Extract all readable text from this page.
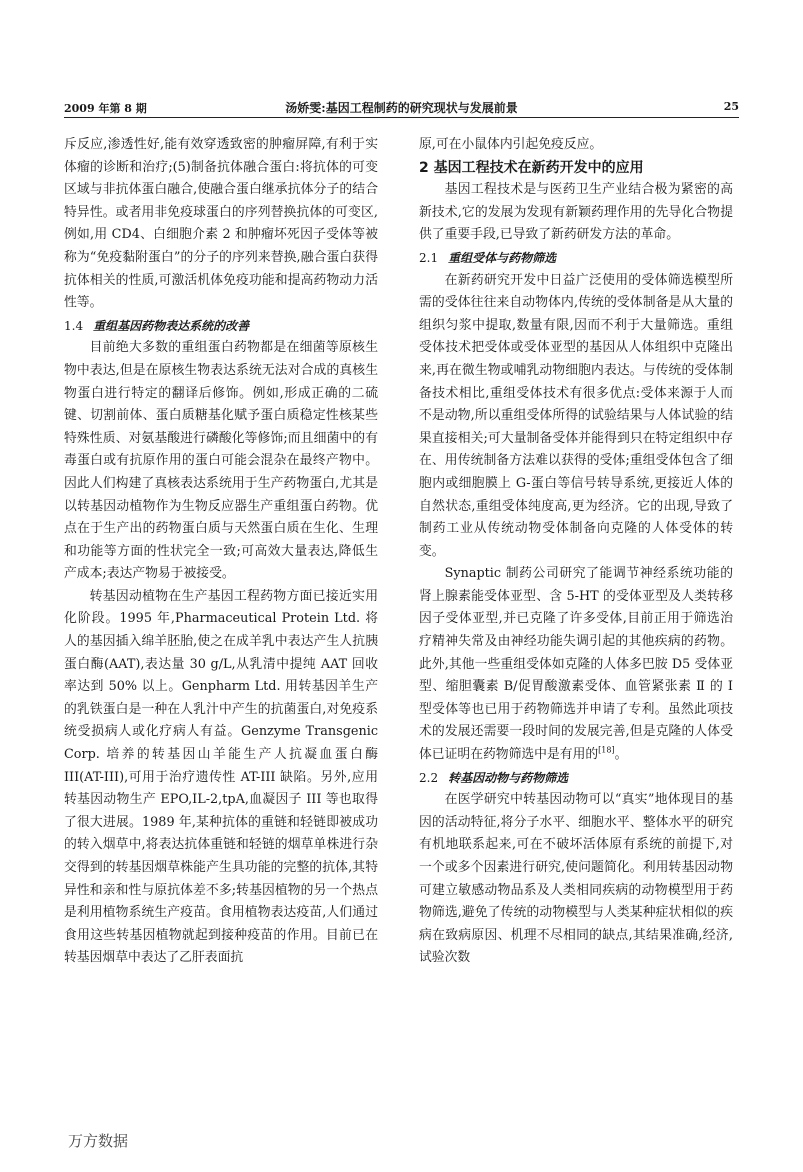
2009 年第 8 期	汤娇雯:基因工程制药的研究现状与发展前景	25

斥反应,渗透性好,能有效穿透致密的肿瘤屏障,有利于实体瘤的诊断和治疗;(5)制备抗体融合蛋白:将抗体的可变区域与非抗体蛋白融合,使融合蛋白继承抗体分子的结合特异性。或者用非免疫球蛋白的序列替换抗体的可变区,例如,用 CD4、白细胞介素 2 和肿瘤坏死因子受体等被称为“免疫黏附蛋白”的分子的序列来替换,融合蛋白获得抗体相关的性质,可激活机体免疫功能和提高药物动力活性等。

1.4 重组基因药物表达系统的改善

目前绝大多数的重组蛋白药物都是在细菌等原核生物中表达,但是在原核生物表达系统无法对合成的真核生物蛋白进行特定的翻译后修饰。例如,形成正确的二硫键、切割前体、蛋白质糖基化赋予蛋白质稳定性核某些特殊性质、对氨基酸进行磷酸化等修饰;而且细菌中的有毒蛋白或有抗原作用的蛋白可能会混杂在最终产物中。因此人们构建了真核表达系统用于生产药物蛋白,尤其是以转基因动植物作为生物反应器生产重组蛋白药物。优点在于生产出的药物蛋白质与天然蛋白质在生化、生理和功能等方面的性状完全一致;可高效大量表达,降低生产成本;表达产物易于被接受。

转基因动植物在生产基因工程药物方面已接近实用化阶段。1995 年,Pharmaceutical Protein Ltd. 将人的基因插入绵羊胚胎,使之在成羊乳中表达产生人抗胰蛋白酶(AAT),表达量 30 g/L,从乳清中提纯 AAT 回收率达到 50% 以上。Genpharm Ltd. 用转基因羊生产的乳铁蛋白是一种在人乳汁中产生的抗菌蛋白,对免疫系统受损病人或化疗病人有益。Genzyme Transgenic Corp. 培养的转基因山羊能生产人抗凝血蛋白酶 III(AT-III),可用于治疗遗传性 AT-III 缺陷。另外,应用转基因动物生产 EPO,IL-2,tpA,血凝因子 III 等也取得了很大进展。1989 年,某种抗体的重链和轻链即被成功的转入烟草中,将表达抗体重链和轻链的烟草单株进行杂交得到的转基因烟草株能产生具功能的完整的抗体,其特异性和亲和性与原抗体差不多;转基因植物的另一个热点是利用植物系统生产疫苗。食用植物表达疫苗,人们通过食用这些转基因植物就起到接种疫苗的作用。目前已在转基因烟草中表达了乙肝表面抗

原,可在小鼠体内引起免疫反应。

2 基因工程技术在新药开发中的应用

基因工程技术是与医药卫生产业结合极为紧密的高新技术,它的发展为发现有新颖药理作用的先导化合物提供了重要手段,已导致了新药研发方法的革命。

2.1 重组受体与药物筛选

在新药研究开发中日益广泛使用的受体筛选模型所需的受体往往来自动物体内,传统的受体制备是从大量的组织匀浆中提取,数量有限,因而不利于大量筛选。重组受体技术把受体或受体亚型的基因从人体组织中克隆出来,再在微生物或哺乳动物细胞内表达。与传统的受体制备技术相比,重组受体技术有很多优点:受体来源于人而不是动物,所以重组受体所得的试验结果与人体试验的结果直接相关;可大量制备受体并能得到只在特定组织中存在、用传统制备方法难以获得的受体;重组受体包含了细胞内或细胞膜上 G-蛋白等信号转导系统,更接近人体的自然状态,重组受体纯度高,更为经济。它的出现,导致了制药工业从传统动物受体制备向克隆的人体受体的转变。

Synaptic 制药公司研究了能调节神经系统功能的肾上腺素能受体亚型、含 5-HT 的受体亚型及人类转移因子受体亚型,并已克隆了许多受体,目前正用于筛选治疗精神失常及由神经功能失调引起的其他疾病的药物。此外,其他一些重组受体如克隆的人体多巴胺 D5 受体亚型、缩胆囊素 B/促胃酸激素受体、血管紧张素 Ⅱ 的 Ⅰ 型受体等也已用于药物筛选并申请了专利。虽然此项技术的发展还需要一段时间的发展完善,但是克隆的人体受体已证明在药物筛选中是有用的[18]。

2.2 转基因动物与药物筛选

在医学研究中转基因动物可以“真实”地体现目的基因的活动特征,将分子水平、细胞水平、整体水平的研究有机地联系起来,可在不破坏活体原有系统的前提下,对一个或多个因素进行研究,使问题简化。利用转基因动物可建立敏感动物品系及人类相同疾病的动物模型用于药物筛选,避免了传统的动物模型与人类某种症状相似的疾病在致病原因、机理不尽相同的缺点,其结果准确,经济,试验次数

万方数据
